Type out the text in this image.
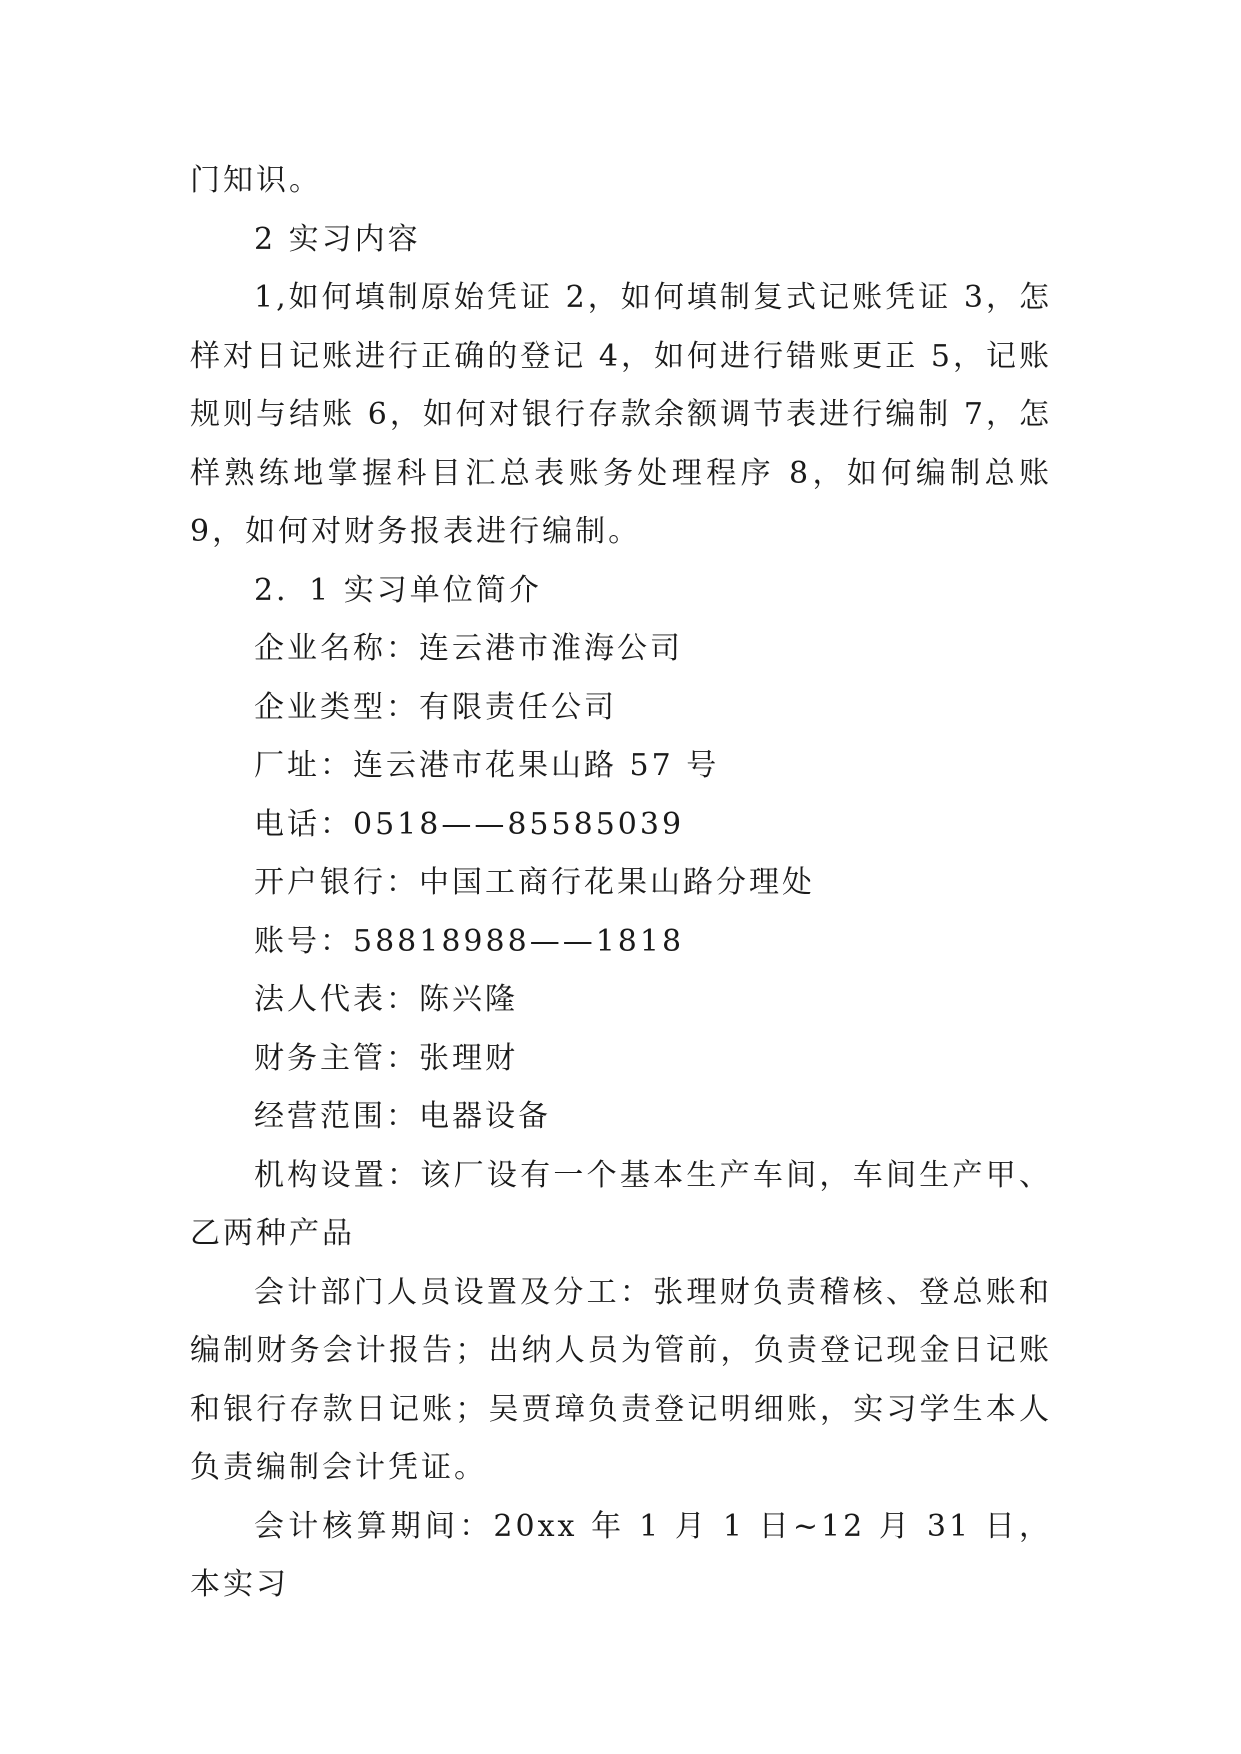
门知识。

2 实习内容

1,如何填制原始凭证 2，如何填制复式记账凭证 3，怎样对日记账进行正确的登记 4，如何进行错账更正 5，记账规则与结账 6，如何对银行存款余额调节表进行编制 7，怎样熟练地掌握科目汇总表账务处理程序 8，如何编制总账 9，如何对财务报表进行编制。

2．1 实习单位简介

企业名称：连云港市淮海公司

企业类型：有限责任公司

厂址：连云港市花果山路 57 号

电话：0518——85585039

开户银行：中国工商行花果山路分理处

账号：58818988——1818

法人代表：陈兴隆

财务主管：张理财

经营范围：电器设备

机构设置：该厂设有一个基本生产车间，车间生产甲、乙两种产品

会计部门人员设置及分工：张理财负责稽核、登总账和编制财务会计报告；出纳人员为管前，负责登记现金日记账和银行存款日记账；吴贾璋负责登记明细账，实习学生本人负责编制会计凭证。

会计核算期间：20xx 年 1 月 1 日~12 月 31 日，本实习
